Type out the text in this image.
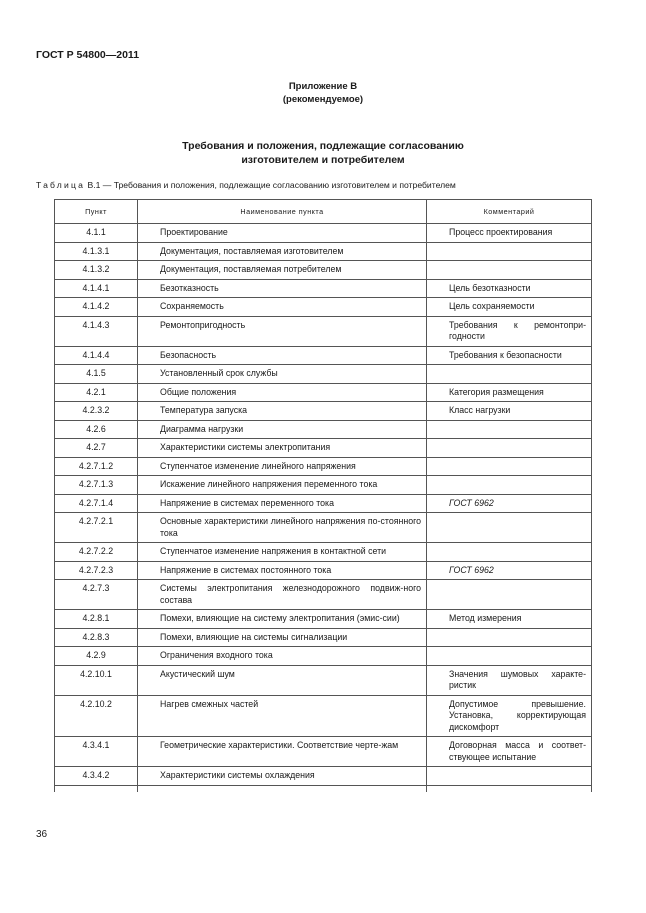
ГОСТ Р 54800—2011
Приложение В
(рекомендуемое)
Требования и положения, подлежащие согласованию
изготовителем и потребителем
Таблица В.1 — Требования и положения, подлежащие согласованию изготовителем и потребителем
Пункт	Наименование пункта	Комментарий
4.1.1	Проектирование	Процесс проектирования
4.1.3.1	Документация, поставляемая изготовителем	
4.1.3.2	Документация, поставляемая потребителем	
4.1.4.1	Безотказность	Цель безотказности
4.1.4.2	Сохраняемость	Цель сохраняемости
4.1.4.3	Ремонтопригодность	Требования к ремонтопри-годности
4.1.4.4	Безопасность	Требования к безопасности
4.1.5	Установленный срок службы	
4.2.1	Общие положения	Категория размещения
4.2.3.2	Температура запуска	Класс нагрузки
4.2.6	Диаграмма нагрузки	
4.2.7	Характеристики системы электропитания	
4.2.7.1.2	Ступенчатое изменение линейного напряжения	
4.2.7.1.3	Искажение линейного напряжения переменного тока	
4.2.7.1.4	Напряжение в системах переменного тока	ГОСТ 6962
4.2.7.2.1	Основные характеристики линейного напряжения по-стоянного тока	
4.2.7.2.2	Ступенчатое изменение напряжения в контактной сети	
4.2.7.2.3	Напряжение в системах постоянного тока	ГОСТ 6962
4.2.7.3	Системы электропитания железнодорожного подвиж-ного состава	
4.2.8.1	Помехи, влияющие на систему электропитания (эмис-сии)	Метод измерения
4.2.8.3	Помехи, влияющие на системы сигнализации	
4.2.9	Ограничения входного тока	
4.2.10.1	Акустический шум	Значения шумовых характе-ристик
4.2.10.2	Нагрев смежных частей	Допустимое превышение. Установка, корректирующая дискомфорт
4.3.4.1	Геометрические характеристики. Соответствие черте-жам	Договорная масса и соответ-ствующее испытание
4.3.4.2	Характеристики системы охлаждения	

36
